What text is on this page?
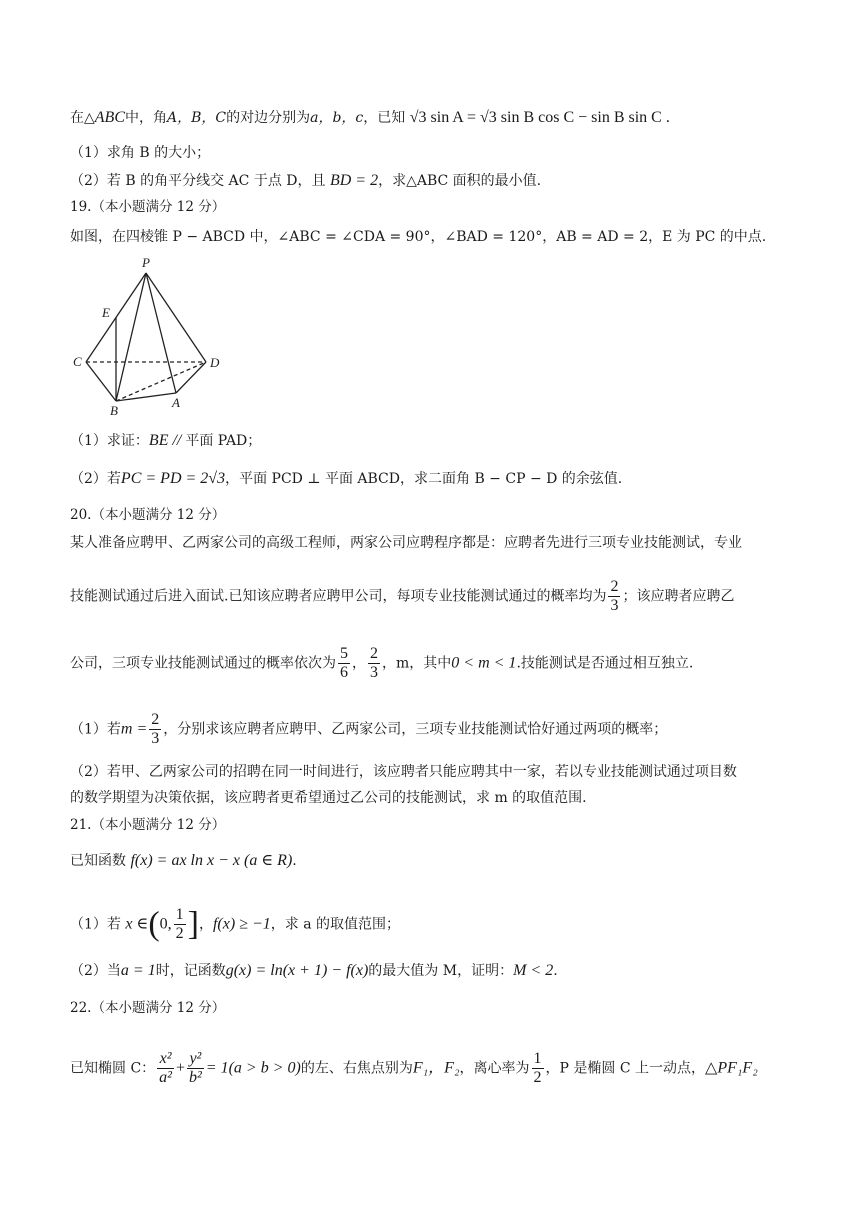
在△ABC中，角A，B，C的对边分别为a，b，c，已知 √3 sin A = √3 sin B cos C − sin B sin C .
（1）求角 B 的大小；
（2）若 B 的角平分线交 AC 于点 D，且 BD = 2，求△ABC 面积的最小值.
19.（本小题满分 12 分）
如图，在四棱锥 P − ABCD 中，∠ABC = ∠CDA = 90°，∠BAD = 120°，AB = AD = 2，E 为 PC 的中点.
P
E
C	D
B
A
（1）求证：BE // 平面 PAD；
（2）若PC = PD = 2√3，平面 PCD ⊥ 平面 ABCD，求二面角 B − CP − D 的余弦值.
20.（本小题满分 12 分）
某人准备应聘甲、乙两家公司的高级工程师，两家公司应聘程序都是：应聘者先进行三项专业技能测试，专业
技能测试通过后进入面试.已知该应聘者应聘甲公司，每项专业技能测试通过的概率均为 $\frac{2}{3}$ ；该应聘者应聘乙
公司，三项专业技能测试通过的概率依次为 $\frac{5}{6}$ ， $\frac{2}{3}$ ，m，其中0 < m < 1.技能测试是否通过相互独立.
（1）若$m = \frac{2}{3}$ ，分别求该应聘者应聘甲、乙两家公司，三项专业技能测试恰好通过两项的概率；
（2）若甲、乙两家公司的招聘在同一时间进行，该应聘者只能应聘其中一家，若以专业技能测试通过项目数
的数学期望为决策依据，该应聘者更希望通过乙公司的技能测试，求 m 的取值范围.
21.（本小题满分 12 分）
已知函数 f(x) = ax ln x − x (a ∈ R).
（1）若 x ∈(0, $\frac{1}{2}$ ]，f(x) ≥ −1，求 a 的取值范围；
（2）当a = 1时，记函数g(x) = ln(x + 1) − f(x)的最大值为 M，证明：M < 2.
22.（本小题满分 12 分）
已知椭圆 C： $\frac{\text{x²}}{\text{a²}} + \frac{\text{y²}}{\text{b²}} = 1(a > b > 0)$的左、右焦点别为F₁，F₂，离心率为 $\frac{1}{2}$ ，P 是椭圆 C 上一动点，△PF₁F₂
